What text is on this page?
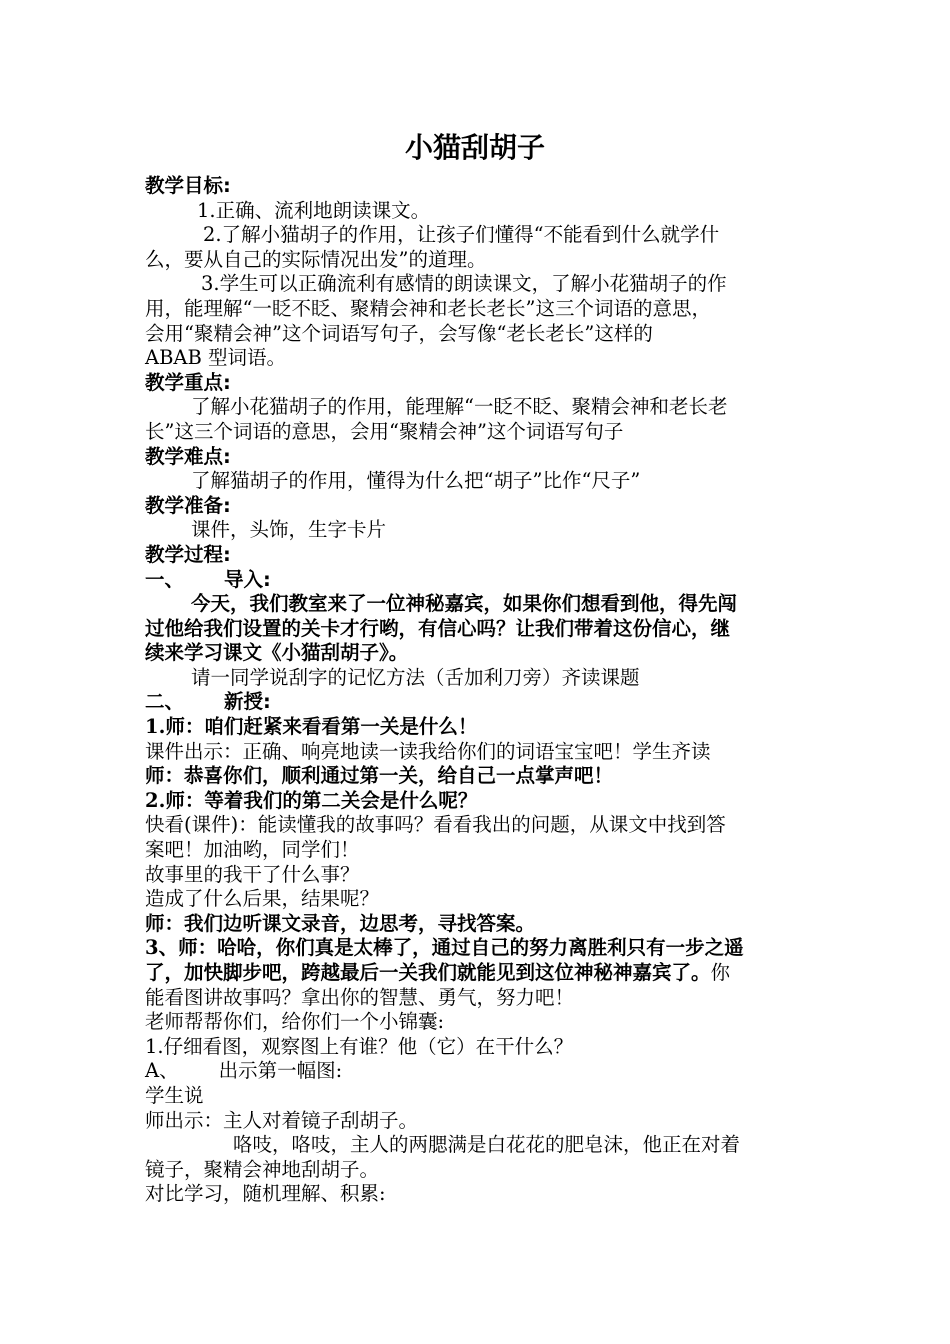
小猫刮胡子
教学目标:
1.正确、流利地朗读课文。
2.了解小猫胡子的作用，让孩子们懂得“不能看到什么就学什
么，要从自己的实际情况出发”的道理。
3.学生可以正确流利有感情的朗读课文，了解小花猫胡子的作
用，能理解“一眨不眨、聚精会神和老长老长”这三个词语的意思，
会用“聚精会神”这个词语写句子，会写像“老长老长”这样的
ABAB 型词语。
教学重点:
了解小花猫胡子的作用，能理解“一眨不眨、聚精会神和老长老
长”这三个词语的意思，会用“聚精会神”这个词语写句子
教学难点:
了解猫胡子的作用，懂得为什么把“胡子”比作“尺子”
教学准备:
课件，头饰，生字卡片
教学过程:
一、 导入:
今天，我们教室来了一位神秘嘉宾，如果你们想看到他，得先闯
过他给我们设置的关卡才行哟，有信心吗？让我们带着这份信心，继
续来学习课文《小猫刮胡子》。
请一同学说刮字的记忆方法（舌加利刀旁）齐读课题
二、 新授:
1.师：咱们赶紧来看看第一关是什么！
课件出示：正确、响亮地读一读我给你们的词语宝宝吧！学生齐读
师：恭喜你们，顺利通过第一关，给自己一点掌声吧！
2.师：等着我们的第二关会是什么呢？
快看(课件)：能读懂我的故事吗？看看我出的问题，从课文中找到答
案吧！加油哟，同学们！
故事里的我干了什么事？
造成了什么后果，结果呢？
师：我们边听课文录音，边思考，寻找答案。
3、师：哈哈，你们真是太棒了，通过自己的努力离胜利只有一步之遥
了，加快脚步吧，跨越最后一关我们就能见到这位神秘神嘉宾了。你
能看图讲故事吗？拿出你的智慧、勇气，努力吧！
老师帮帮你们，给你们一个小锦囊:
1.仔细看图，观察图上有谁？他（它）在干什么？
A、 出示第一幅图:
学生说
师出示：主人对着镜子刮胡子。
咯吱，咯吱，主人的两腮满是白花花的肥皂沫，他正在对着
镜子，聚精会神地刮胡子。
对比学习，随机理解、积累:
